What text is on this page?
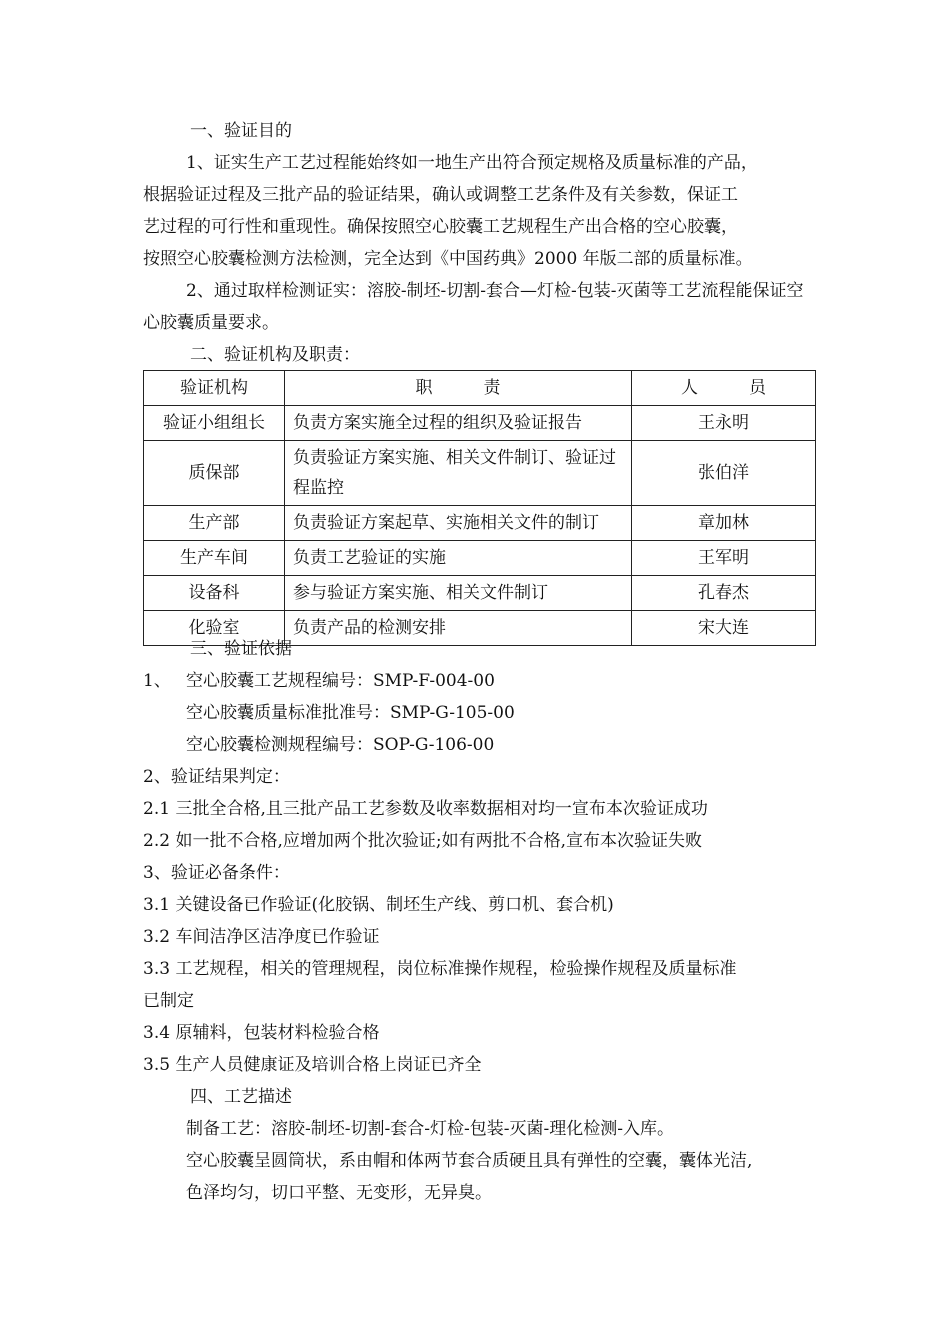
一、验证目的
1、证实生产工艺过程能始终如一地生产出符合预定规格及质量标准的产品，
根据验证过程及三批产品的验证结果，确认或调整工艺条件及有关参数，保证工
艺过程的可行性和重现性。确保按照空心胶囊工艺规程生产出合格的空心胶囊，
按照空心胶囊检测方法检测，完全达到《中国药典》2000 年版二部的质量标准。
2、通过取样检测证实：溶胶-制坯-切割-套合—灯检-包装-灭菌等工艺流程能保证空
心胶囊质量要求。
二、验证机构及职责：
验证机构	职　　　责	人　　　员
验证小组组长	负责方案实施全过程的组织及验证报告	王永明
质保部	负责验证方案实施、相关文件制订、验证过程监控	张伯洋
生产部	负责验证方案起草、实施相关文件的制订	章加林
生产车间	负责工艺验证的实施	王军明
设备科	参与验证方案实施、相关文件制订	孔春杰
化验室	负责产品的检测安排	宋大连
三、验证依据
1、 空心胶囊工艺规程编号：SMP-F-004-00
空心胶囊质量标准批准号：SMP-G-105-00
空心胶囊检测规程编号：SOP-G-106-00
2、验证结果判定：
2.1 三批全合格,且三批产品工艺参数及收率数据相对均一宣布本次验证成功
2.2 如一批不合格,应增加两个批次验证;如有两批不合格,宣布本次验证失败
3、验证必备条件：
3.1 关键设备已作验证(化胶锅、制坯生产线、剪口机、套合机)
3.2 车间洁净区洁净度已作验证
3.3 工艺规程，相关的管理规程，岗位标准操作规程，检验操作规程及质量标准
已制定
3.4 原辅料，包装材料检验合格
3.5 生产人员健康证及培训合格上岗证已齐全
四、工艺描述
制备工艺：溶胶-制坯-切割-套合-灯检-包装-灭菌-理化检测-入库。
空心胶囊呈圆筒状，系由帽和体两节套合质硬且具有弹性的空囊，囊体光洁,
色泽均匀，切口平整、无变形，无异臭。
